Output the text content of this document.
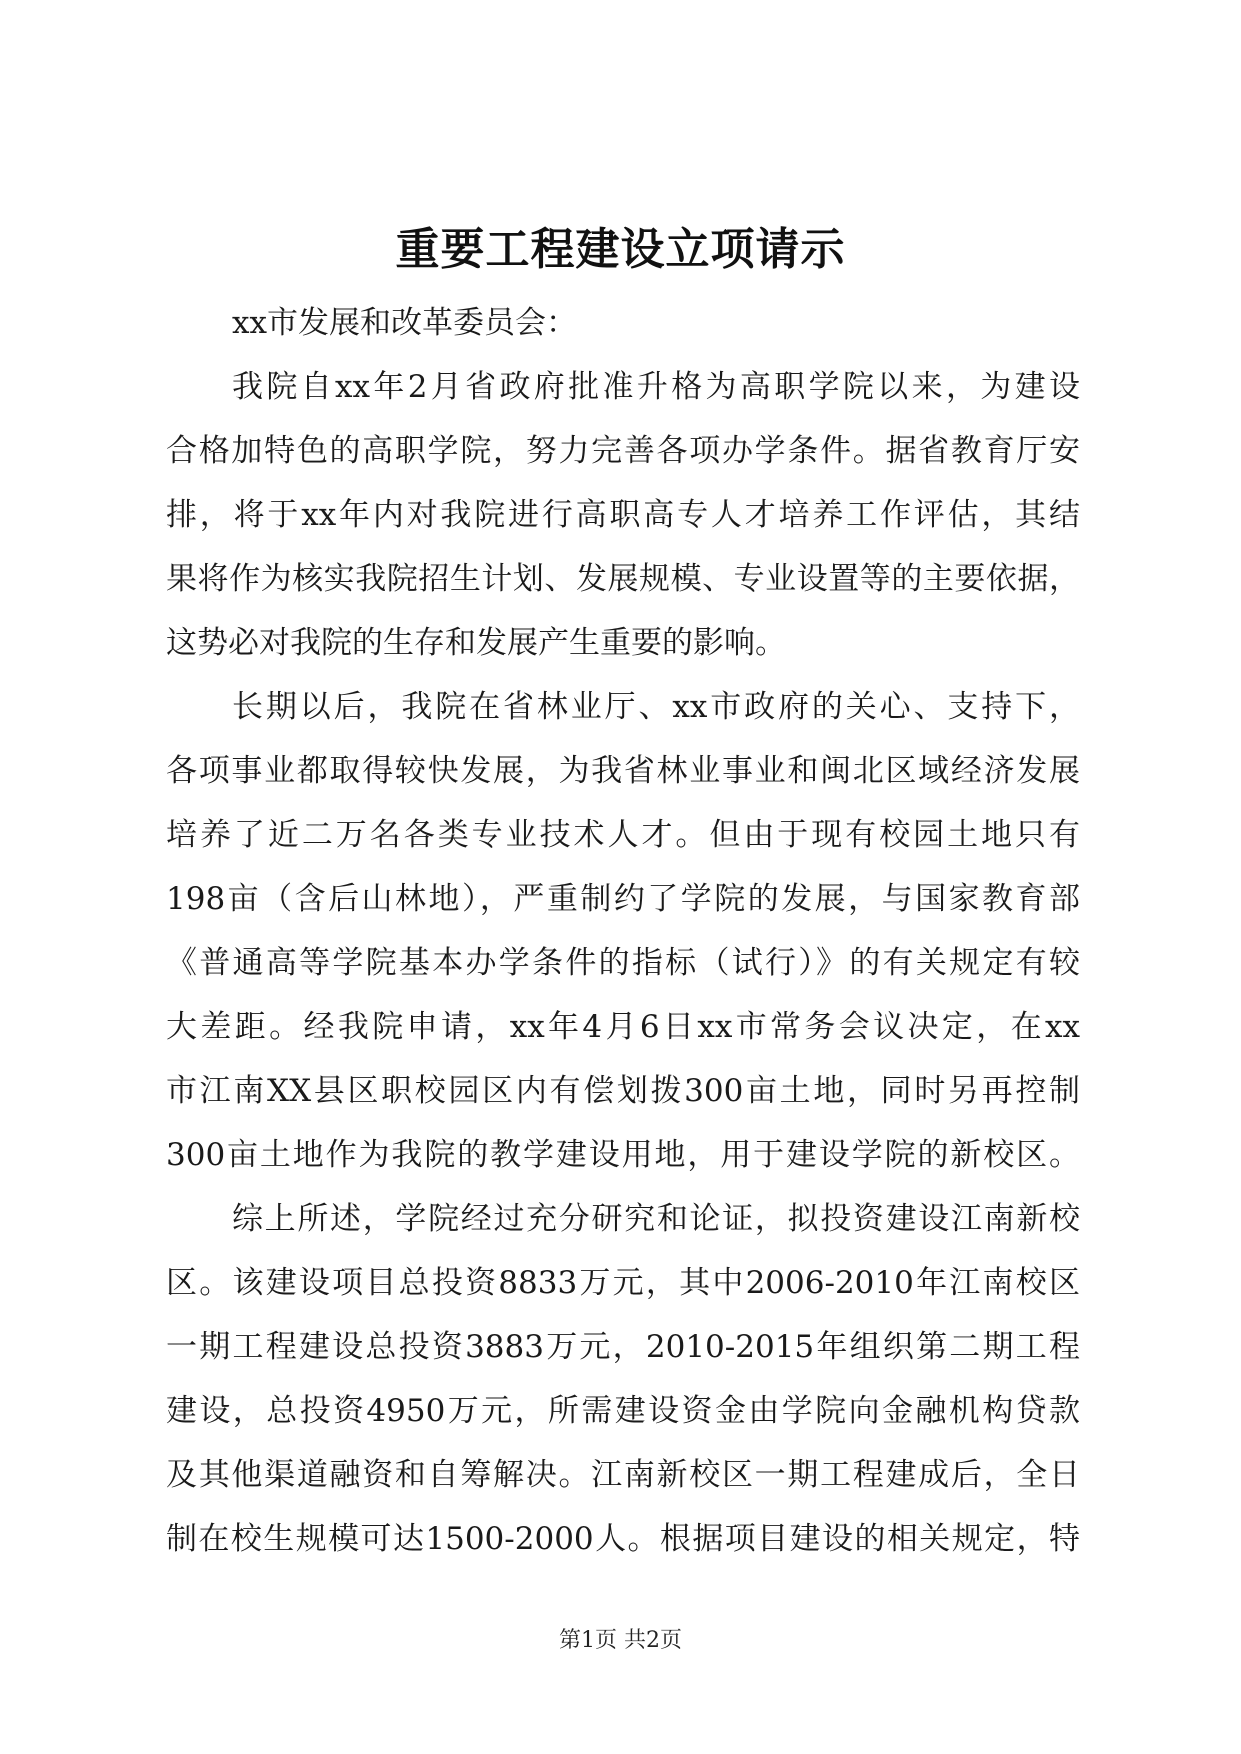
重要工程建设立项请示
xx市发展和改革委员会：
我院自xx年2月省政府批准升格为高职学院以来，为建设
合格加特色的高职学院，努力完善各项办学条件。据省教育厅安
排，将于xx年内对我院进行高职高专人才培养工作评估，其结
果将作为核实我院招生计划、发展规模、专业设置等的主要依据，
这势必对我院的生存和发展产生重要的影响。
长期以后，我院在省林业厅、xx市政府的关心、支持下，
各项事业都取得较快发展，为我省林业事业和闽北区域经济发展
培养了近二万名各类专业技术人才。但由于现有校园土地只有
198亩（含后山林地），严重制约了学院的发展，与国家教育部
《普通高等学院基本办学条件的指标（试行）》的有关规定有较
大差距。经我院申请，xx年4月6日xx市常务会议决定，在xx
市江南XX县区职校园区内有偿划拨300亩土地，同时另再控制
300亩土地作为我院的教学建设用地，用于建设学院的新校区。
综上所述，学院经过充分研究和论证，拟投资建设江南新校
区。该建设项目总投资8833万元，其中2006-2010年江南校区
一期工程建设总投资3883万元，2010-2015年组织第二期工程
建设，总投资4950万元，所需建设资金由学院向金融机构贷款
及其他渠道融资和自筹解决。江南新校区一期工程建成后，全日
制在校生规模可达1500-2000人。根据项目建设的相关规定，特
第1页 共2页
